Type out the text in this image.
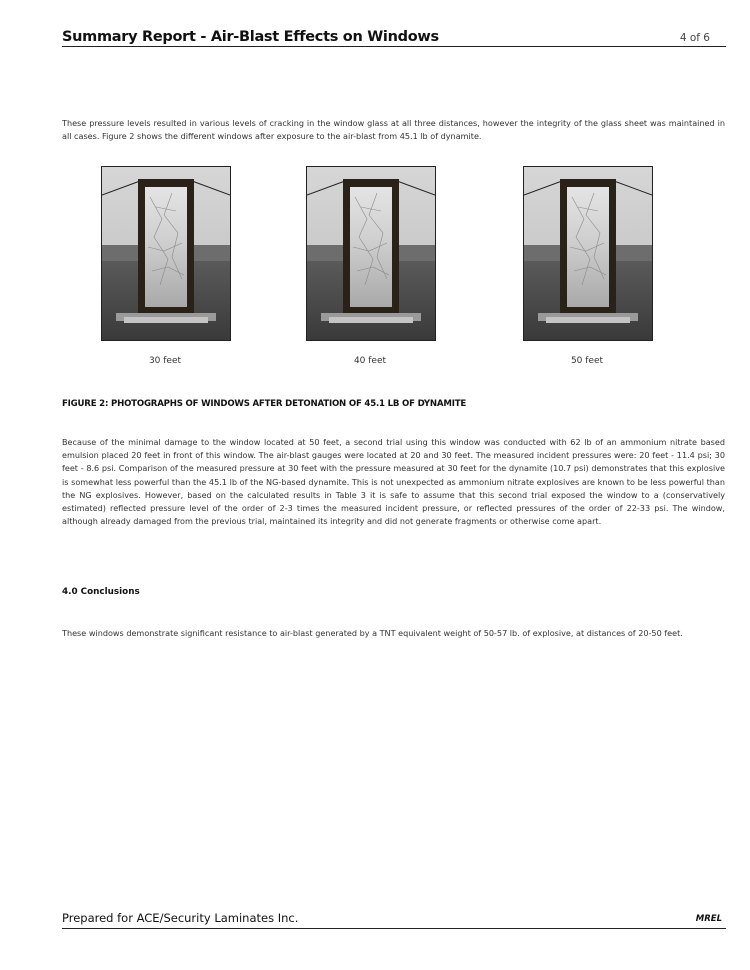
Summary Report - Air-Blast Effects on Windows	4 of 6

These pressure levels resulted in various levels of cracking in the window glass at all three distances, however the integrity of the glass sheet was maintained in all cases. Figure 2 shows the different windows after exposure to the air-blast from 45.1 lb of dynamite.

30 feet	40 feet	50 feet
FIGURE 2: PHOTOGRAPHS OF WINDOWS AFTER DETONATION OF 45.1 LB OF DYNAMITE

Because of the minimal damage to the window located at 50 feet, a second trial using this window was conducted with 62 lb of an ammonium nitrate based emulsion placed 20 feet in front of this window. The air-blast gauges were located at 20 and 30 feet. The measured incident pressures were: 20 feet - 11.4 psi; 30 feet - 8.6 psi. Comparison of the measured pressure at 30 feet with the pressure measured at 30 feet for the dynamite (10.7 psi) demonstrates that this explosive is somewhat less powerful than the 45.1 lb of the NG-based dynamite. This is not unexpected as ammonium nitrate explosives are known to be less powerful than the NG explosives. However, based on the calculated results in Table 3 it is safe to assume that this second trial exposed the window to a (conservatively estimated) reflected pressure level of the order of 2-3 times the measured incident pressure, or reflected pressures of the order of 22-33 psi. The window, although already damaged from the previous trial, maintained its integrity and did not generate fragments or otherwise come apart.

4.0 Conclusions

These windows demonstrate significant resistance to air-blast generated by a TNT equivalent weight of 50-57 lb. of explosive, at distances of 20-50 feet.

Prepared for ACE/Security Laminates Inc.	MREL
